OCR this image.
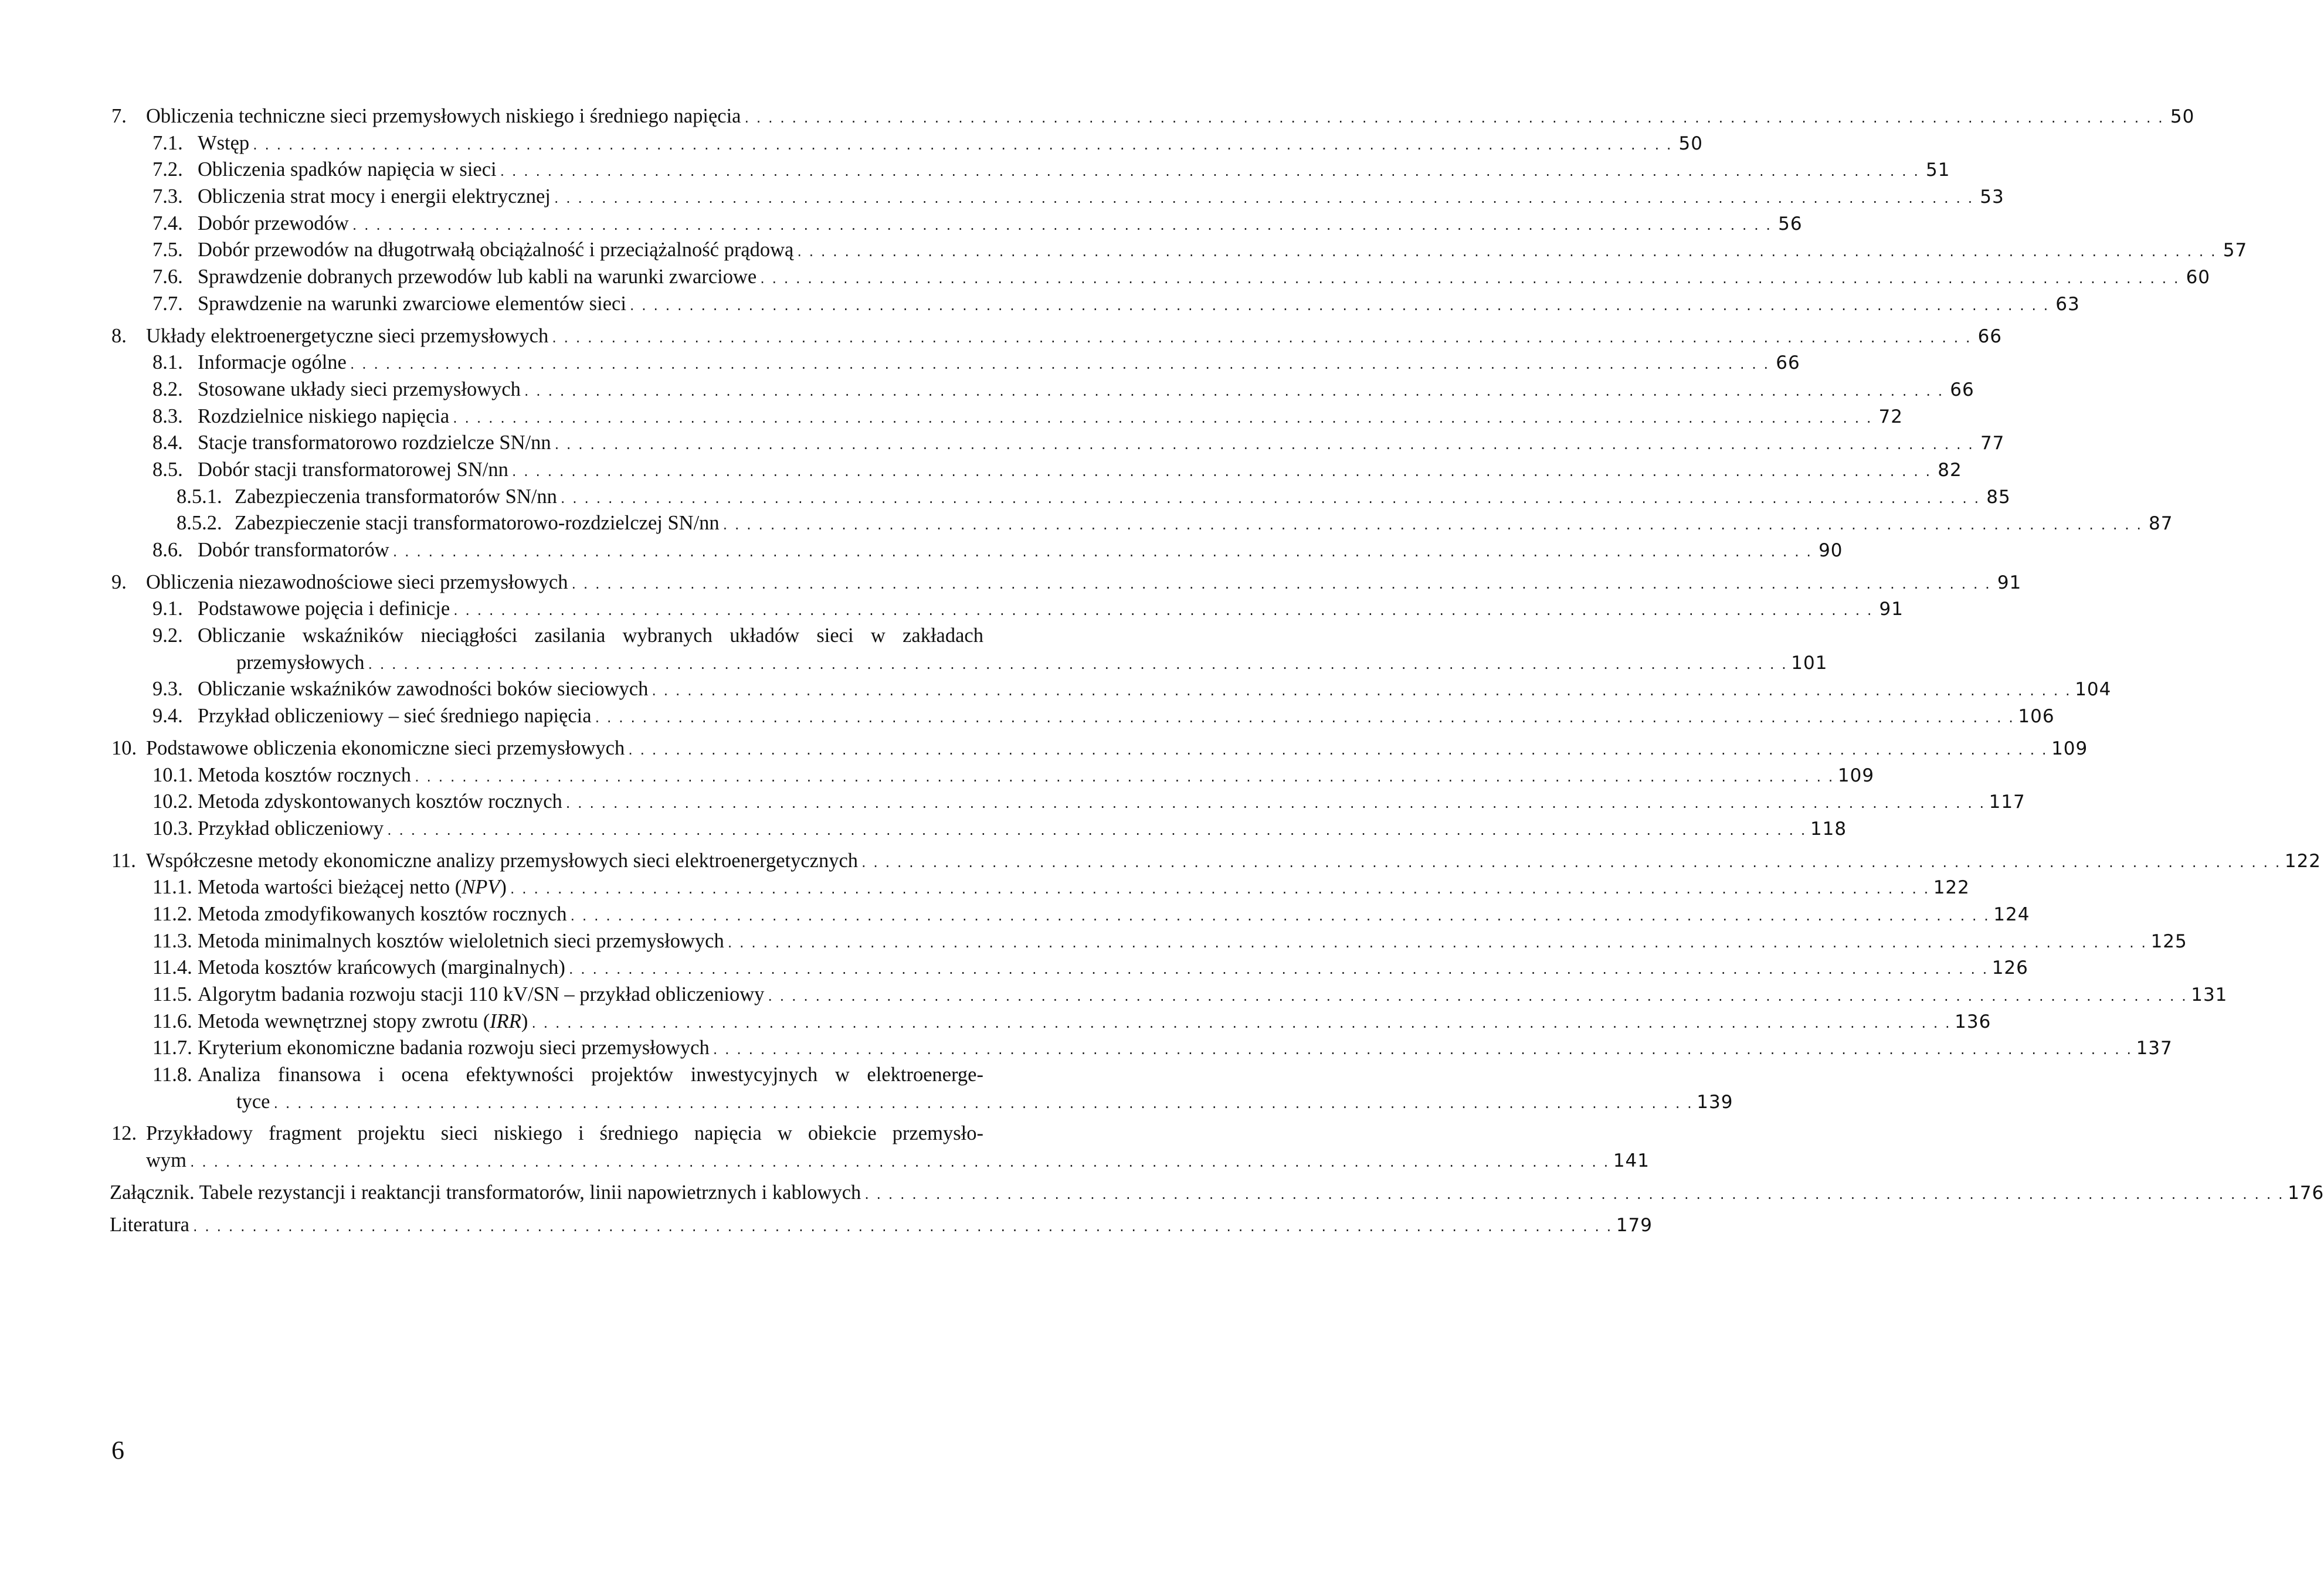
7. Obliczenia techniczne sieci przemysłowych niskiego i średniego napięcia . . . . . . . . . . . . . . . . . . . . . . . . . . . . . . . . . . . . . . . . . . . . . . . . . . . . . . . . . . . . . . . . . . . . . . . . . . . . . . . . . . . . . . . . . . . . . . . . . . . . . . . . . . . . . . . . . . . . . . . . 50
7.1. Wstęp . . . . . . . . . . . . . . . . . . . . . . . . . . . . . . . . . . . . . . . . . . . . . . . . . . . . . . . . . . . . . . . . . . . . . . . . . . . . . . . . . . . . . . . . . . . . . . . . . . . . . . . . . . . . . . . . . . . . . . . . 50
7.2. Obliczenia spadków napięcia w sieci . . . . . . . . . . . . . . . . . . . . . . . . . . . . . . . . . . . . . . . . . . . . . . . . . . . . . . . . . . . . . . . . . . . . . . . . . . . . . . . . . . . . . . . . . . . . . . . . . . . . . . . . . . . . . . . . . . . . . . . . 51
7.3. Obliczenia strat mocy i energii elektrycznej . . . . . . . . . . . . . . . . . . . . . . . . . . . . . . . . . . . . . . . . . . . . . . . . . . . . . . . . . . . . . . . . . . . . . . . . . . . . . . . . . . . . . . . . . . . . . . . . . . . . . . . . . . . . . . . . . . . . . . . . 53
7.4. Dobór przewodów . . . . . . . . . . . . . . . . . . . . . . . . . . . . . . . . . . . . . . . . . . . . . . . . . . . . . . . . . . . . . . . . . . . . . . . . . . . . . . . . . . . . . . . . . . . . . . . . . . . . . . . . . . . . . . . . . . . . . . . . 56
7.5. Dobór przewodów na długotrwałą obciążalność i przeciążalność prądową . . . . . . . . . . . . . . . . . . . . . . . . . . . . . . . . . . . . . . . . . . . . . . . . . . . . . . . . . . . . . . . . . . . . . . . . . . . . . . . . . . . . . . . . . . . . . . . . . . . . . . . . . . . . . . . . . . . . . . . . 57
7.6. Sprawdzenie dobranych przewodów lub kabli na warunki zwarciowe . . . . . . . . . . . . . . . . . . . . . . . . . . . . . . . . . . . . . . . . . . . . . . . . . . . . . . . . . . . . . . . . . . . . . . . . . . . . . . . . . . . . . . . . . . . . . . . . . . . . . . . . . . . . . . . . . . . . . . . . 60
7.7. Sprawdzenie na warunki zwarciowe elementów sieci . . . . . . . . . . . . . . . . . . . . . . . . . . . . . . . . . . . . . . . . . . . . . . . . . . . . . . . . . . . . . . . . . . . . . . . . . . . . . . . . . . . . . . . . . . . . . . . . . . . . . . . . . . . . . . . . . . . . . . . . 63
8. Układy elektroenergetyczne sieci przemysłowych . . . . . . . . . . . . . . . . . . . . . . . . . . . . . . . . . . . . . . . . . . . . . . . . . . . . . . . . . . . . . . . . . . . . . . . . . . . . . . . . . . . . . . . . . . . . . . . . . . . . . . . . . . . . . . . . . . . . . . . . 66
8.1. Informacje ogólne . . . . . . . . . . . . . . . . . . . . . . . . . . . . . . . . . . . . . . . . . . . . . . . . . . . . . . . . . . . . . . . . . . . . . . . . . . . . . . . . . . . . . . . . . . . . . . . . . . . . . . . . . . . . . . . . . . . . . . . . 66
8.2. Stosowane układy sieci przemysłowych . . . . . . . . . . . . . . . . . . . . . . . . . . . . . . . . . . . . . . . . . . . . . . . . . . . . . . . . . . . . . . . . . . . . . . . . . . . . . . . . . . . . . . . . . . . . . . . . . . . . . . . . . . . . . . . . . . . . . . . . 66
8.3. Rozdzielnice niskiego napięcia . . . . . . . . . . . . . . . . . . . . . . . . . . . . . . . . . . . . . . . . . . . . . . . . . . . . . . . . . . . . . . . . . . . . . . . . . . . . . . . . . . . . . . . . . . . . . . . . . . . . . . . . . . . . . . . . . . . . . . . . 72
8.4. Stacje transformatorowo rozdzielcze SN/nn . . . . . . . . . . . . . . . . . . . . . . . . . . . . . . . . . . . . . . . . . . . . . . . . . . . . . . . . . . . . . . . . . . . . . . . . . . . . . . . . . . . . . . . . . . . . . . . . . . . . . . . . . . . . . . . . . . . . . . . . 77
8.5. Dobór stacji transformatorowej SN/nn . . . . . . . . . . . . . . . . . . . . . . . . . . . . . . . . . . . . . . . . . . . . . . . . . . . . . . . . . . . . . . . . . . . . . . . . . . . . . . . . . . . . . . . . . . . . . . . . . . . . . . . . . . . . . . . . . . . . . . . . 82
8.5.1. Zabezpieczenia transformatorów SN/nn . . . . . . . . . . . . . . . . . . . . . . . . . . . . . . . . . . . . . . . . . . . . . . . . . . . . . . . . . . . . . . . . . . . . . . . . . . . . . . . . . . . . . . . . . . . . . . . . . . . . . . . . . . . . . . . . . . . . . . . . 85
8.5.2. Zabezpieczenie stacji transformatorowo-rozdzielczej SN/nn . . . . . . . . . . . . . . . . . . . . . . . . . . . . . . . . . . . . . . . . . . . . . . . . . . . . . . . . . . . . . . . . . . . . . . . . . . . . . . . . . . . . . . . . . . . . . . . . . . . . . . . . . . . . . . . . . . . . . . . . 87
8.6. Dobór transformatorów . . . . . . . . . . . . . . . . . . . . . . . . . . . . . . . . . . . . . . . . . . . . . . . . . . . . . . . . . . . . . . . . . . . . . . . . . . . . . . . . . . . . . . . . . . . . . . . . . . . . . . . . . . . . . . . . . . . . . . . . 90
9. Obliczenia niezawodnościowe sieci przemysłowych . . . . . . . . . . . . . . . . . . . . . . . . . . . . . . . . . . . . . . . . . . . . . . . . . . . . . . . . . . . . . . . . . . . . . . . . . . . . . . . . . . . . . . . . . . . . . . . . . . . . . . . . . . . . . . . . . . . . . . . . 91
9.1. Podstawowe pojęcia i definicje . . . . . . . . . . . . . . . . . . . . . . . . . . . . . . . . . . . . . . . . . . . . . . . . . . . . . . . . . . . . . . . . . . . . . . . . . . . . . . . . . . . . . . . . . . . . . . . . . . . . . . . . . . . . . . . . . . . . . . . . 91
9.2. Obliczanie wskaźników nieciągłości zasilania wybranych układów sieci w zakładach
przemysłowych . . . . . . . . . . . . . . . . . . . . . . . . . . . . . . . . . . . . . . . . . . . . . . . . . . . . . . . . . . . . . . . . . . . . . . . . . . . . . . . . . . . . . . . . . . . . . . . . . . . . . . . . . . . . . . . . . . . . . . . . 101
9.3. Obliczanie wskaźników zawodności boków sieciowych . . . . . . . . . . . . . . . . . . . . . . . . . . . . . . . . . . . . . . . . . . . . . . . . . . . . . . . . . . . . . . . . . . . . . . . . . . . . . . . . . . . . . . . . . . . . . . . . . . . . . . . . . . . . . . . . . . . . . . . . 104
9.4. Przykład obliczeniowy – sieć średniego napięcia . . . . . . . . . . . . . . . . . . . . . . . . . . . . . . . . . . . . . . . . . . . . . . . . . . . . . . . . . . . . . . . . . . . . . . . . . . . . . . . . . . . . . . . . . . . . . . . . . . . . . . . . . . . . . . . . . . . . . . . . 106
10. Podstawowe obliczenia ekonomiczne sieci przemysłowych . . . . . . . . . . . . . . . . . . . . . . . . . . . . . . . . . . . . . . . . . . . . . . . . . . . . . . . . . . . . . . . . . . . . . . . . . . . . . . . . . . . . . . . . . . . . . . . . . . . . . . . . . . . . . . . . . . . . . . . . 109
10.1. Metoda kosztów rocznych . . . . . . . . . . . . . . . . . . . . . . . . . . . . . . . . . . . . . . . . . . . . . . . . . . . . . . . . . . . . . . . . . . . . . . . . . . . . . . . . . . . . . . . . . . . . . . . . . . . . . . . . . . . . . . . . . . . . . . . . 109
10.2. Metoda zdyskontowanych kosztów rocznych . . . . . . . . . . . . . . . . . . . . . . . . . . . . . . . . . . . . . . . . . . . . . . . . . . . . . . . . . . . . . . . . . . . . . . . . . . . . . . . . . . . . . . . . . . . . . . . . . . . . . . . . . . . . . . . . . . . . . . . . 117
10.3. Przykład obliczeniowy . . . . . . . . . . . . . . . . . . . . . . . . . . . . . . . . . . . . . . . . . . . . . . . . . . . . . . . . . . . . . . . . . . . . . . . . . . . . . . . . . . . . . . . . . . . . . . . . . . . . . . . . . . . . . . . . . . . . . . . . 118
11. Współczesne metody ekonomiczne analizy przemysłowych sieci elektroenergetycznych . . . . . . . . . . . . . . . . . . . . . . . . . . . . . . . . . . . . . . . . . . . . . . . . . . . . . . . . . . . . . . . . . . . . . . . . . . . . . . . . . . . . . . . . . . . . . . . . . . . . . . . . . . . . . . . . . . . . . . . . 122
11.1. Metoda wartości bieżącej netto (NPV) . . . . . . . . . . . . . . . . . . . . . . . . . . . . . . . . . . . . . . . . . . . . . . . . . . . . . . . . . . . . . . . . . . . . . . . . . . . . . . . . . . . . . . . . . . . . . . . . . . . . . . . . . . . . . . . . . . . . . . . . 122
11.2. Metoda zmodyfikowanych kosztów rocznych . . . . . . . . . . . . . . . . . . . . . . . . . . . . . . . . . . . . . . . . . . . . . . . . . . . . . . . . . . . . . . . . . . . . . . . . . . . . . . . . . . . . . . . . . . . . . . . . . . . . . . . . . . . . . . . . . . . . . . . . 124
11.3. Metoda minimalnych kosztów wieloletnich sieci przemysłowych . . . . . . . . . . . . . . . . . . . . . . . . . . . . . . . . . . . . . . . . . . . . . . . . . . . . . . . . . . . . . . . . . . . . . . . . . . . . . . . . . . . . . . . . . . . . . . . . . . . . . . . . . . . . . . . . . . . . . . . . 125
11.4. Metoda kosztów krańcowych (marginalnych) . . . . . . . . . . . . . . . . . . . . . . . . . . . . . . . . . . . . . . . . . . . . . . . . . . . . . . . . . . . . . . . . . . . . . . . . . . . . . . . . . . . . . . . . . . . . . . . . . . . . . . . . . . . . . . . . . . . . . . . . 126
11.5. Algorytm badania rozwoju stacji 110 kV/SN – przykład obliczeniowy . . . . . . . . . . . . . . . . . . . . . . . . . . . . . . . . . . . . . . . . . . . . . . . . . . . . . . . . . . . . . . . . . . . . . . . . . . . . . . . . . . . . . . . . . . . . . . . . . . . . . . . . . . . . . . . . . . . . . . . . 131
11.6. Metoda wewnętrznej stopy zwrotu (IRR) . . . . . . . . . . . . . . . . . . . . . . . . . . . . . . . . . . . . . . . . . . . . . . . . . . . . . . . . . . . . . . . . . . . . . . . . . . . . . . . . . . . . . . . . . . . . . . . . . . . . . . . . . . . . . . . . . . . . . . . . 136
11.7. Kryterium ekonomiczne badania rozwoju sieci przemysłowych . . . . . . . . . . . . . . . . . . . . . . . . . . . . . . . . . . . . . . . . . . . . . . . . . . . . . . . . . . . . . . . . . . . . . . . . . . . . . . . . . . . . . . . . . . . . . . . . . . . . . . . . . . . . . . . . . . . . . . . . 137
11.8. Analiza finansowa i ocena efektywności projektów inwestycyjnych w elektroenerge-
tyce . . . . . . . . . . . . . . . . . . . . . . . . . . . . . . . . . . . . . . . . . . . . . . . . . . . . . . . . . . . . . . . . . . . . . . . . . . . . . . . . . . . . . . . . . . . . . . . . . . . . . . . . . . . . . . . . . . . . . . . . 139
12. Przykładowy fragment projektu sieci niskiego i średniego napięcia w obiekcie przemysło-
wym . . . . . . . . . . . . . . . . . . . . . . . . . . . . . . . . . . . . . . . . . . . . . . . . . . . . . . . . . . . . . . . . . . . . . . . . . . . . . . . . . . . . . . . . . . . . . . . . . . . . . . . . . . . . . . . . . . . . . . . . 141
Załącznik. Tabele rezystancji i reaktancji transformatorów, linii napowietrznych i kablowych . . . . . . . . . . . . . . . . . . . . . . . . . . . . . . . . . . . . . . . . . . . . . . . . . . . . . . . . . . . . . . . . . . . . . . . . . . . . . . . . . . . . . . . . . . . . . . . . . . . . . . . . . . . . . . . . . . . . . . . . 176
Literatura . . . . . . . . . . . . . . . . . . . . . . . . . . . . . . . . . . . . . . . . . . . . . . . . . . . . . . . . . . . . . . . . . . . . . . . . . . . . . . . . . . . . . . . . . . . . . . . . . . . . . . . . . . . . . . . . . . . . . . . . 179
6
